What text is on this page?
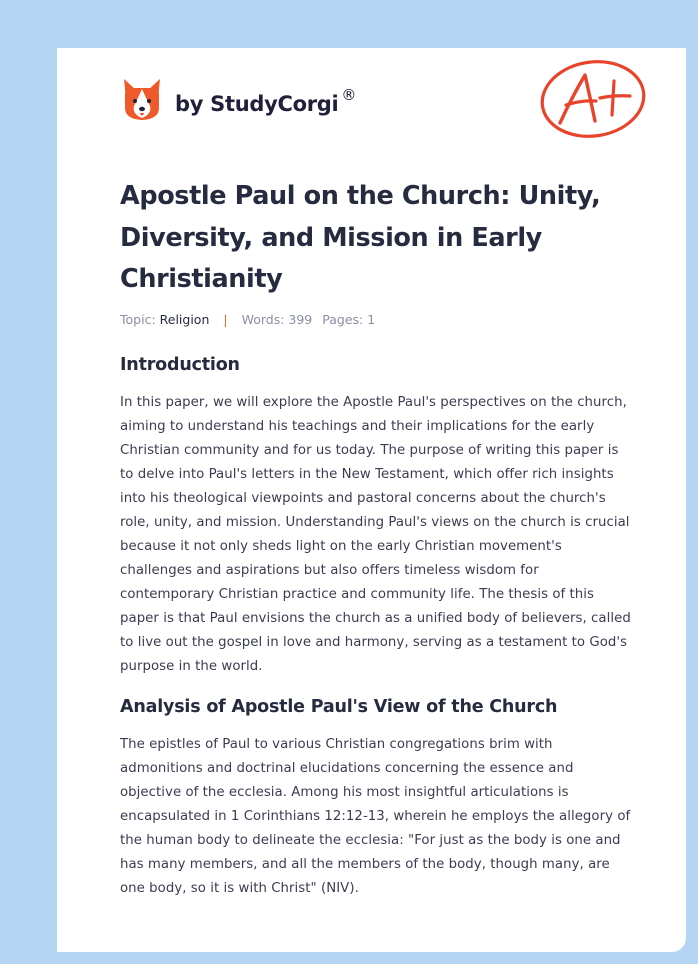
by StudyCorgi ®
Apostle Paul on the Church: Unity, Diversity, and Mission in Early Christianity
Topic: Religion | Words: 399 Pages: 1
Introduction

In this paper, we will explore the Apostle Paul's perspectives on the church, aiming to understand his teachings and their implications for the early Christian community and for us today. The purpose of writing this paper is to delve into Paul's letters in the New Testament, which offer rich insights into his theological viewpoints and pastoral concerns about the church's role, unity, and mission. Understanding Paul's views on the church is crucial because it not only sheds light on the early Christian movement's challenges and aspirations but also offers timeless wisdom for contemporary Christian practice and community life. The thesis of this paper is that Paul envisions the church as a unified body of believers, called to live out the gospel in love and harmony, serving as a testament to God's purpose in the world.

Analysis of Apostle Paul's View of the Church

The epistles of Paul to various Christian congregations brim with admonitions and doctrinal elucidations concerning the essence and objective of the ecclesia. Among his most insightful articulations is encapsulated in 1 Corinthians 12:12-13, wherein he employs the allegory of the human body to delineate the ecclesia: "For just as the body is one and has many members, and all the members of the body, though many, are one body, so it is with Christ" (NIV).
